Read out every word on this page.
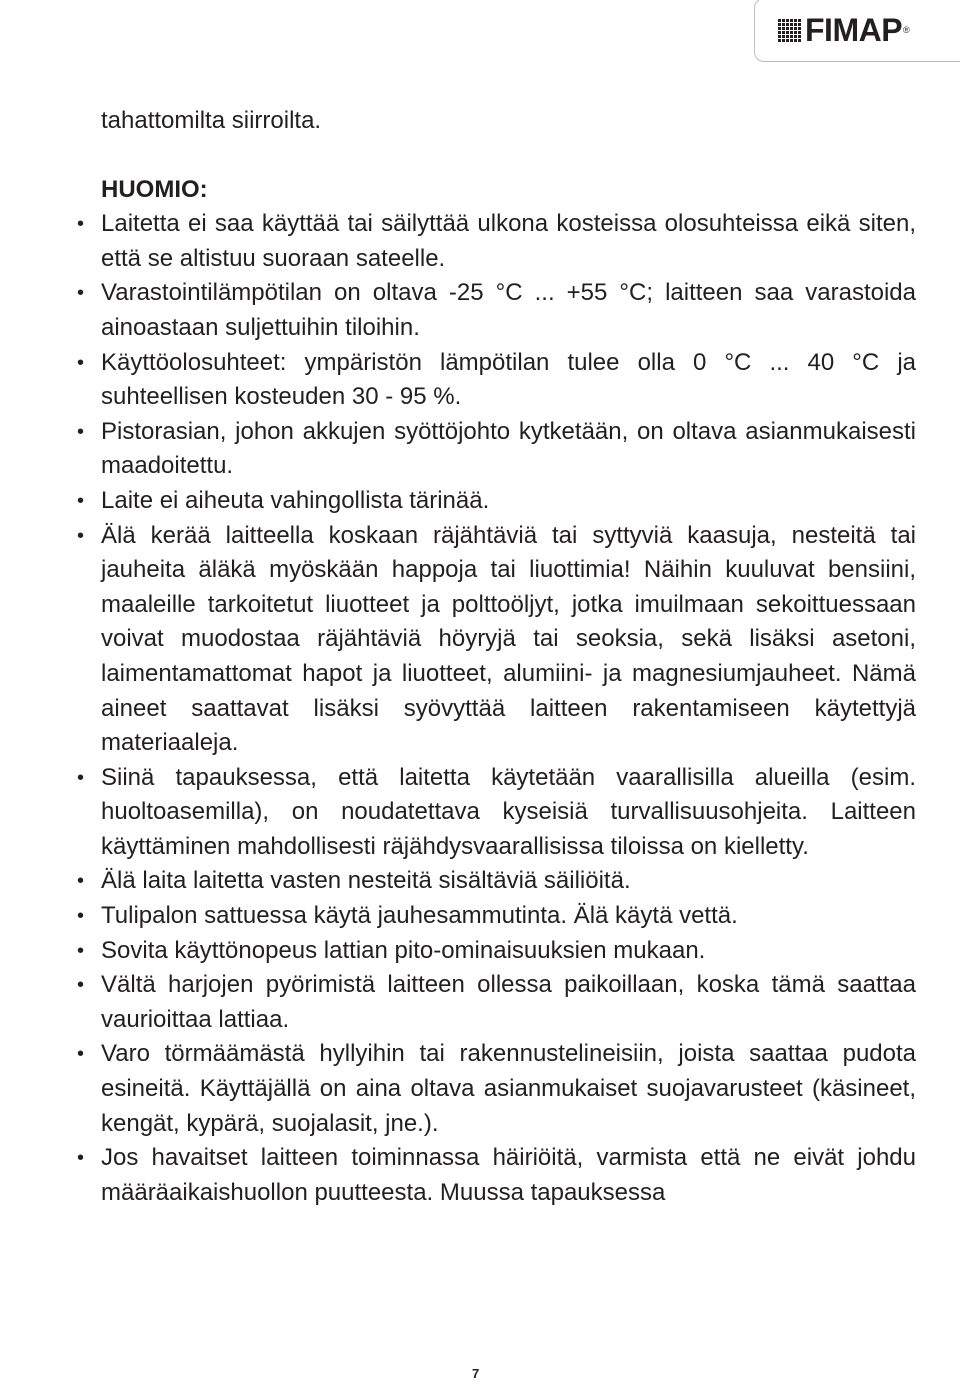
FIMAP ®

tahattomilta siirroilta.

HUOMIO:

• Laitetta ei saa käyttää tai säilyttää ulkona kosteissa olosuhteissa eikä siten, että se altistuu suoraan sateelle.
• Varastointilämpötilan on oltava -25 °C ... +55 °C; laitteen saa varastoida ainoastaan suljettuihin tiloihin.
• Käyttöolosuhteet: ympäristön lämpötilan tulee olla 0 °C ... 40 °C ja suhteellisen kosteuden 30 - 95 %.
• Pistorasian, johon akkujen syöttöjohto kytketään, on oltava asianmukaisesti maadoitettu.
• Laite ei aiheuta vahingollista tärinää.
• Älä kerää laitteella koskaan räjähtäviä tai syttyviä kaasuja, nesteitä tai jauheita äläkä myöskään happoja tai liuottimia! Näihin kuuluvat bensiini, maaleille tarkoitetut liuotteet ja polttoöljyt, jotka imuilmaan sekoittuessaan voivat muodostaa räjähtäviä höyryjä tai seoksia, sekä lisäksi asetoni, laimentamattomat hapot ja liuotteet, alumiini- ja magnesiumjauheet. Nämä aineet saattavat lisäksi syövyttää laitteen rakentamiseen käytettyjä materiaaleja.
• Siinä tapauksessa, että laitetta käytetään vaarallisilla alueilla (esim. huoltoasemilla), on noudatettava kyseisiä turvallisuusohjeita. Laitteen käyttäminen mahdollisesti räjähdysvaarallisissa tiloissa on kielletty.
• Älä laita laitetta vasten nesteitä sisältäviä säiliöitä.
• Tulipalon sattuessa käytä jauhesammutinta. Älä käytä vettä.
• Sovita käyttönopeus lattian pito-ominaisuuksien mukaan.
• Vältä harjojen pyörimistä laitteen ollessa paikoillaan, koska tämä saattaa vaurioittaa lattiaa.
• Varo törmäämästä hyllyihin tai rakennustelineisiin, joista saattaa pudota esineitä. Käyttäjällä on aina oltava asianmukaiset suojavarusteet (käsineet, kengät, kypärä, suojalasit, jne.).
• Jos havaitset laitteen toiminnassa häiriöitä, varmista että ne eivät johdu määräaikaishuollon puutteesta. Muussa tapauksessa
7
